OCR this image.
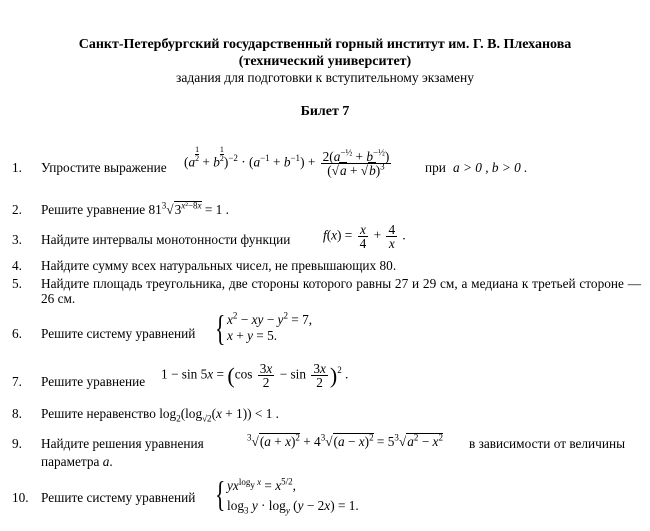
Санкт-Петербургский государственный горный институт им. Г. В. Плеханова
(технический университет)
задания для подготовки к вступительному экзамену
Билет 7
1. Упростите выражение $(a \frac{1}{2} + b \frac{1}{2} )^{-2} \cdot (a^{-1} + b^{-1}) + \frac{2(a^{-\frac{1}{2}} + b^{-\frac{1}{2}})}{(√a + √b)^3}$	при a > 0 , b > 0 .
2. Решите уравнение $81^3√3^{x^2-8x} = 1$ .
3. Найдите интервалы монотонности функции $f(x) = \frac{x}{4} + \frac{4}{x}$ .
4. Найдите сумму всех натуральных чисел, не превышающих 80.
5. Найдите площадь треугольника, две стороны которого равны 27 и 29 см, а медиана к третьей стороне — 26 см.
6. Решите систему уравнений { $x^2$ − xy − $y^2 = 7$,
x + y = 5.
7. Решите уравнение $1 - \sin 5x = (\cos \frac{3x}{2} - \sin \frac{3x}{2} )^2$ .
8. Решите неравенство $\log_2(\log_{√2}(x + 1)) < 1$ .
9. Найдите решения уравнения	$^3√(a + x)^2 + 4^3√(a - x)^2 = 5^3√a^2 - x^2$ в зависимости от величины
параметра a.
10. Решите систему уравнений { $yx^{log_y x} = x^{5/2}$,
$\log_3 y \cdot \log_y (y - 2x) = 1$.
